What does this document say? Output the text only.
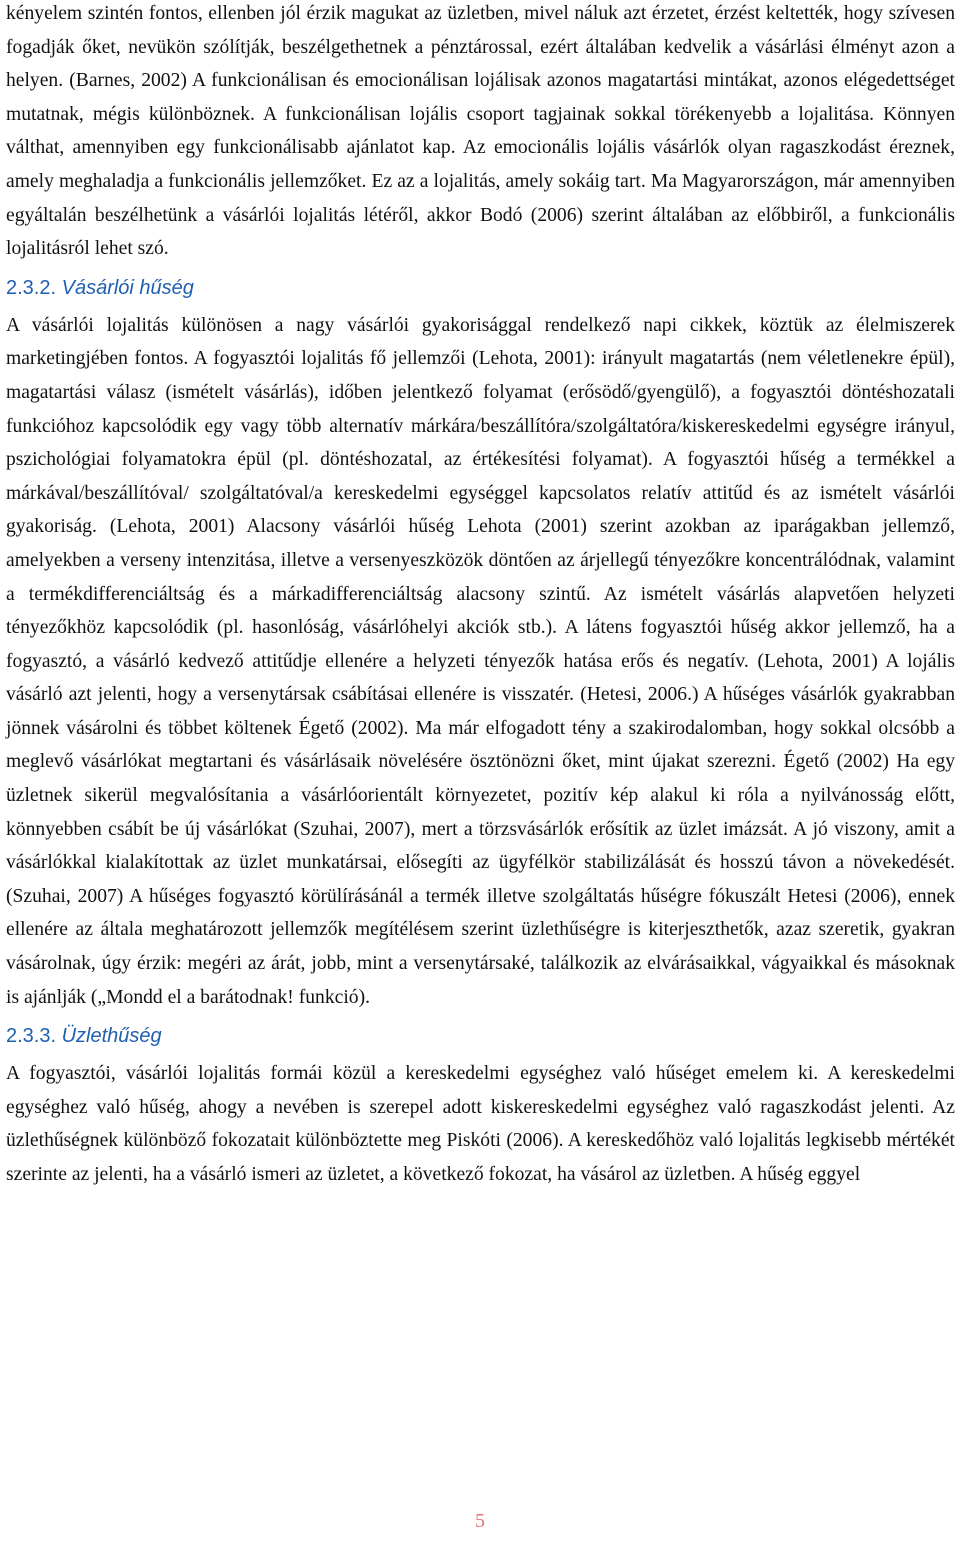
kényelem szintén fontos, ellenben jól érzik magukat az üzletben, mivel náluk azt érzetet, érzést keltették, hogy szívesen fogadják őket, nevükön szólítják, beszélgethetnek a pénztárossal, ezért általában kedvelik a vásárlási élményt azon a helyen. (Barnes, 2002) A funkcionálisan és emocionálisan lojálisak azonos magatartási mintákat, azonos elégedettséget mutatnak, mégis különböznek. A funkcionálisan lojális csoport tagjainak sokkal törékenyebb a lojalitása. Könnyen válthat, amennyiben egy funkcionálisabb ajánlatot kap. Az emocionális lojális vásárlók olyan ragaszkodást éreznek, amely meghaladja a funkcionális jellemzőket. Ez az a lojalitás, amely sokáig tart. Ma Magyarországon, már amennyiben egyáltalán beszélhetünk a vásárlói lojalitás létéről, akkor Bodó (2006) szerint általában az előbbiről, a funkcionális lojalitásról lehet szó.

2.3.2. Vásárlói hűség

A vásárlói lojalitás különösen a nagy vásárlói gyakorisággal rendelkező napi cikkek, köztük az élelmiszerek marketingjében fontos. A fogyasztói lojalitás fő jellemzői (Lehota, 2001): irányult magatartás (nem véletlenekre épül), magatartási válasz (ismételt vásárlás), időben jelentkező folyamat (erősödő/gyengülő), a fogyasztói döntéshozatali funkcióhoz kapcsolódik egy vagy több alternatív márkára/beszállítóra/szolgáltatóra/kiskereskedelmi egységre irányul, pszichológiai folyamatokra épül (pl. döntéshozatal, az értékesítési folyamat). A fogyasztói hűség a termékkel a márkával/beszállítóval/ szolgáltatóval/a kereskedelmi egységgel kapcsolatos relatív attitűd és az ismételt vásárlói gyakoriság. (Lehota, 2001) Alacsony vásárlói hűség Lehota (2001) szerint azokban az iparágakban jellemző, amelyekben a verseny intenzitása, illetve a versenyeszközök döntően az árjellegű tényezőkre koncentrálódnak, valamint a termékdifferenciáltság és a márkadifferenciáltság alacsony szintű. Az ismételt vásárlás alapvetően helyzeti tényezőkhöz kapcsolódik (pl. hasonlóság, vásárlóhelyi akciók stb.). A látens fogyasztói hűség akkor jellemző, ha a fogyasztó, a vásárló kedvező attitűdje ellenére a helyzeti tényezők hatása erős és negatív. (Lehota, 2001) A lojális vásárló azt jelenti, hogy a versenytársak csábításai ellenére is visszatér. (Hetesi, 2006.) A hűséges vásárlók gyakrabban jönnek vásárolni és többet költenek Égető (2002). Ma már elfogadott tény a szakirodalomban, hogy sokkal olcsóbb a meglevő vásárlókat megtartani és vásárlásaik növelésére ösztönözni őket, mint újakat szerezni. Égető (2002) Ha egy üzletnek sikerül megvalósítania a vásárlóorientált környezetet, pozitív kép alakul ki róla a nyilvánosság előtt, könnyebben csábít be új vásárlókat (Szuhai, 2007), mert a törzsvásárlók erősítik az üzlet imázsát. A jó viszony, amit a vásárlókkal kialakítottak az üzlet munkatársai, elősegíti az ügyfélkör stabilizálását és hosszú távon a növekedését. (Szuhai, 2007) A hűséges fogyasztó körülírásánál a termék illetve szolgáltatás hűségre fókuszált Hetesi (2006), ennek ellenére az általa meghatározott jellemzők megítélésem szerint üzlethűségre is kiterjeszthetők, azaz szeretik, gyakran vásárolnak, úgy érzik: megéri az árát, jobb, mint a versenytársaké, találkozik az elvárásaikkal, vágyaikkal és másoknak is ajánlják („Mondd el a barátodnak! funkció).

2.3.3. Üzlethűség

A fogyasztói, vásárlói lojalitás formái közül a kereskedelmi egységhez való hűséget emelem ki. A kereskedelmi egységhez való hűség, ahogy a nevében is szerepel adott kiskereskedelmi egységhez való ragaszkodást jelenti. Az üzlethűségnek különböző fokozatait különböztette meg Piskóti (2006). A kereskedőhöz való lojalitás legkisebb mértékét szerinte az jelenti, ha a vásárló ismeri az üzletet, a következő fokozat, ha vásárol az üzletben. A hűség eggyel

5
